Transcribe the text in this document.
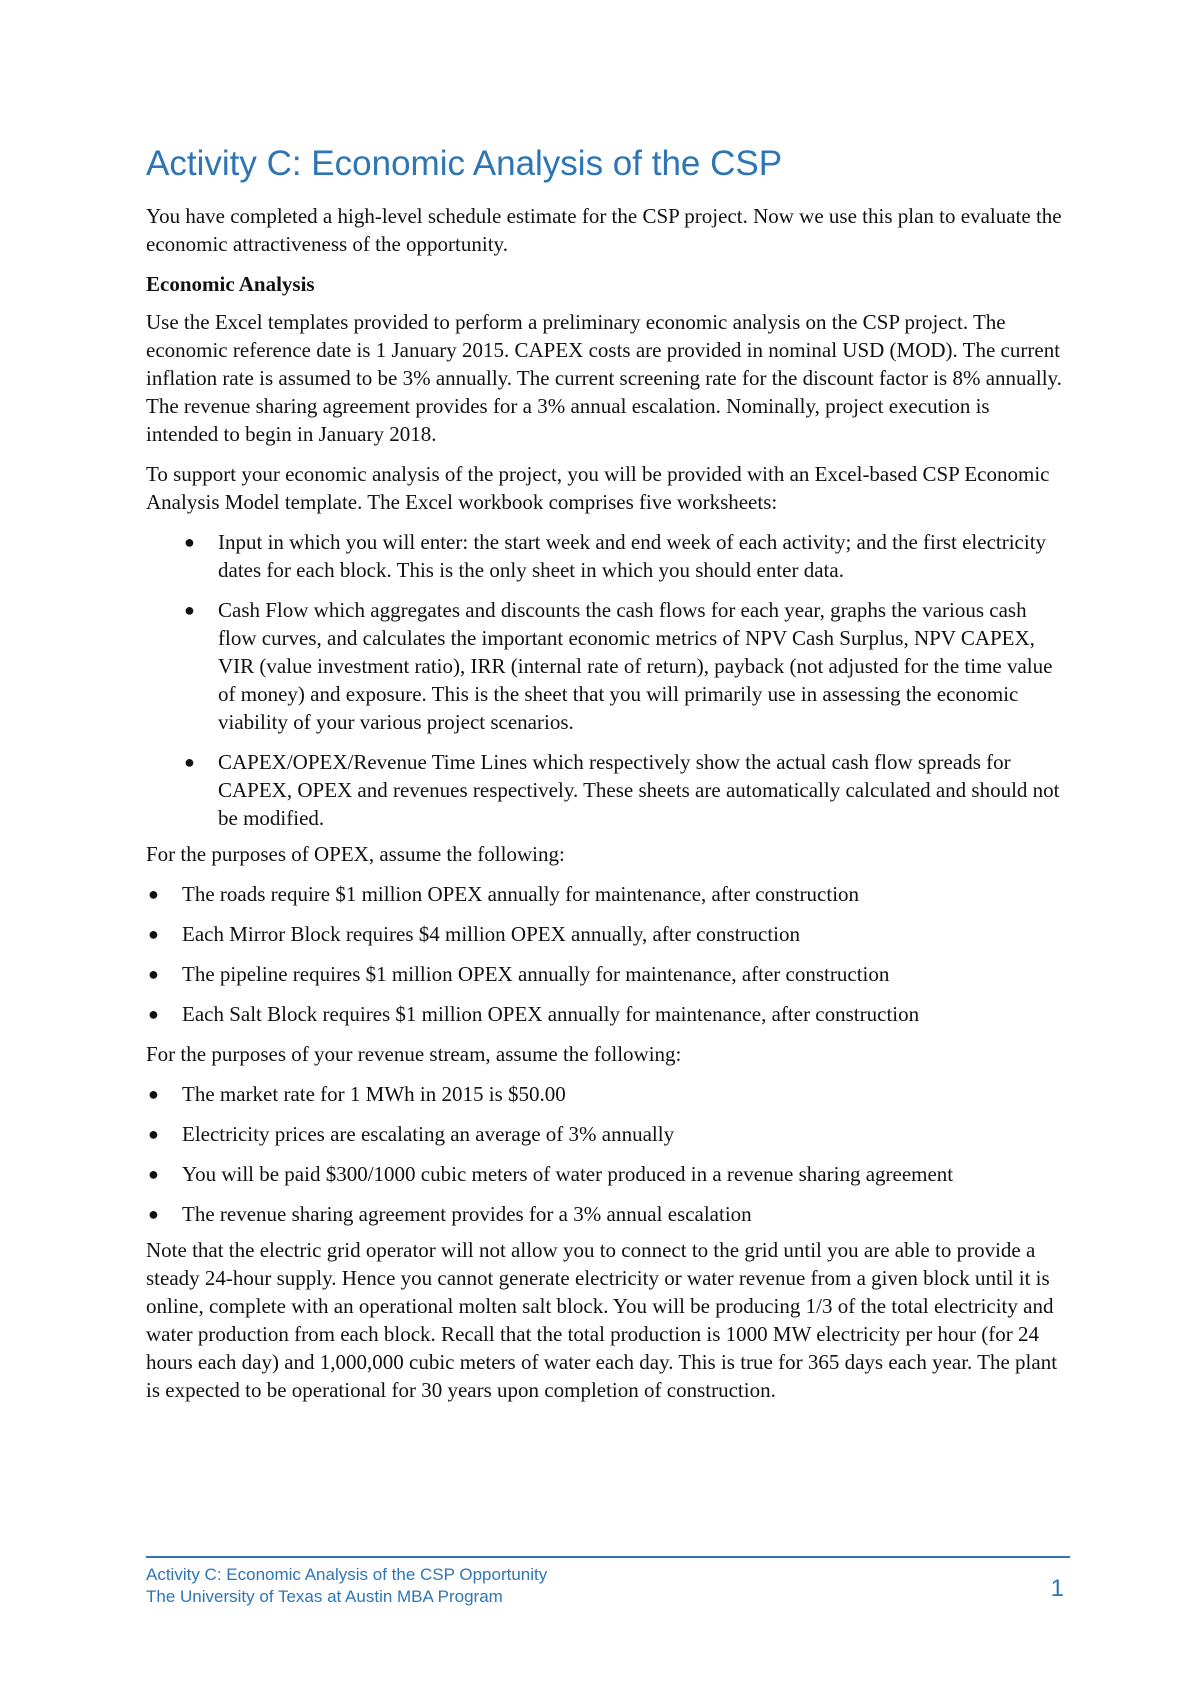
Activity C: Economic Analysis of the CSP

You have completed a high-level schedule estimate for the CSP project. Now we use this plan to evaluate the economic attractiveness of the opportunity.

Economic Analysis

Use the Excel templates provided to perform a preliminary economic analysis on the CSP project. The economic reference date is 1 January 2015. CAPEX costs are provided in nominal USD (MOD). The current inflation rate is assumed to be 3% annually. The current screening rate for the discount factor is 8% annually. The revenue sharing agreement provides for a 3% annual escalation. Nominally, project execution is intended to begin in January 2018.

To support your economic analysis of the project, you will be provided with an Excel-based CSP Economic Analysis Model template. The Excel workbook comprises five worksheets:

● Input in which you will enter: the start week and end week of each activity; and the first electricity dates for each block. This is the only sheet in which you should enter data.
● Cash Flow which aggregates and discounts the cash flows for each year, graphs the various cash flow curves, and calculates the important economic metrics of NPV Cash Surplus, NPV CAPEX, VIR (value investment ratio), IRR (internal rate of return), payback (not adjusted for the time value of money) and exposure. This is the sheet that you will primarily use in assessing the economic viability of your various project scenarios.
● CAPEX/OPEX/Revenue Time Lines which respectively show the actual cash flow spreads for CAPEX, OPEX and revenues respectively. These sheets are automatically calculated and should not be modified.

For the purposes of OPEX, assume the following:

● The roads require $1 million OPEX annually for maintenance, after construction
● Each Mirror Block requires $4 million OPEX annually, after construction
● The pipeline requires $1 million OPEX annually for maintenance, after construction
● Each Salt Block requires $1 million OPEX annually for maintenance, after construction

For the purposes of your revenue stream, assume the following:

● The market rate for 1 MWh in 2015 is $50.00
● Electricity prices are escalating an average of 3% annually
● You will be paid $300/1000 cubic meters of water produced in a revenue sharing agreement
● The revenue sharing agreement provides for a 3% annual escalation

Note that the electric grid operator will not allow you to connect to the grid until you are able to provide a steady 24-hour supply. Hence you cannot generate electricity or water revenue from a given block until it is online, complete with an operational molten salt block. You will be producing 1/3 of the total electricity and water production from each block. Recall that the total production is 1000 MW electricity per hour (for 24 hours each day) and 1,000,000 cubic meters of water each day. This is true for 365 days each year. The plant is expected to be operational for 30 years upon completion of construction.

Activity C: Economic Analysis of the CSP Opportunity
The University of Texas at Austin MBA Program	1
